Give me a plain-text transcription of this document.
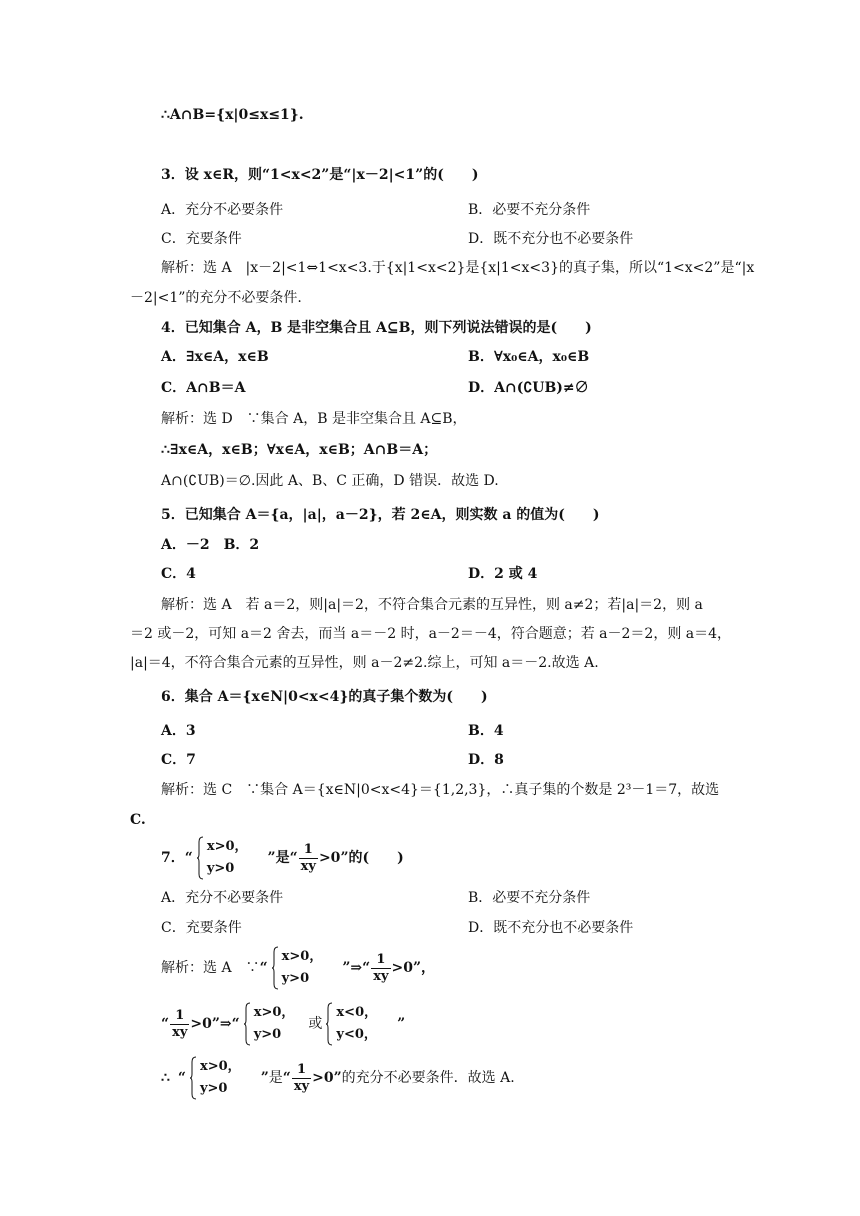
∴A∩B={x|0≤x≤1}.
3．设 x∈R，则“1<x<2”是“|x－2|<1”的(　　)
A．充分不必要条件	B．必要不充分条件
C．充要条件	D．既不充分也不必要条件
解析：选 A　|x－2|<1⇔1<x<3.于{x|1<x<2}是{x|1<x<3}的真子集，所以“1<x<2”是“|x
－2|<1”的充分不必要条件.
4．已知集合 A，B 是非空集合且 A⊆B，则下列说法错误的是(　　)
A．∃x∈A，x∈B	B．∀x₀∈A，x₀∈B
C．A∩B＝A	D．A∩(∁UB)≠∅
解析：选 D　∵集合 A，B 是非空集合且 A⊆B，
∴∃x∈A，x∈B；∀x∈A，x∈B；A∩B＝A；
A∩(∁UB)＝∅.因此 A、B、C 正确，D 错误．故选 D.
5．已知集合 A＝{a，|a|，a－2}，若 2∈A，则实数 a 的值为(　　)
A．－2　B．2
C．4	D．2 或 4
解析：选 A　若 a＝2，则|a|＝2，不符合集合元素的互异性，则 a≠2；若|a|＝2，则 a
＝2 或－2，可知 a＝2 舍去，而当 a＝－2 时，a－2＝－4，符合题意；若 a－2＝2，则 a＝4，
|a|＝4，不符合集合元素的互异性，则 a－2≠2.综上，可知 a＝－2.故选 A.
6．集合 A＝{x∈N|0<x<4}的真子集个数为(　　)
A．3	B．4
C．7	D．8
解析：选 C　∵集合 A＝{x∈N|0<x<4}＝{1,2,3}，∴真子集的个数是 2³－1＝7，故选
C.
7．“
x>0，
y>0
”是“ $\frac{1}{xy} >0$”的(　　)
A．充分不必要条件	B．必要不充分条件
C．充要条件	D．既不充分也不必要条件
解析：选 A　∵“
x>0，
y>0
”⇒“ $\frac{1}{xy} >0$”，
“ $\frac{1}{xy}$ >0”⇒“
x>0，
y>0
或
x<0，
y<0，
”
∴ “
x>0，
y>0
”是“ $\frac{1}{xy} >0$”的充分不必要条件．故选 A.
